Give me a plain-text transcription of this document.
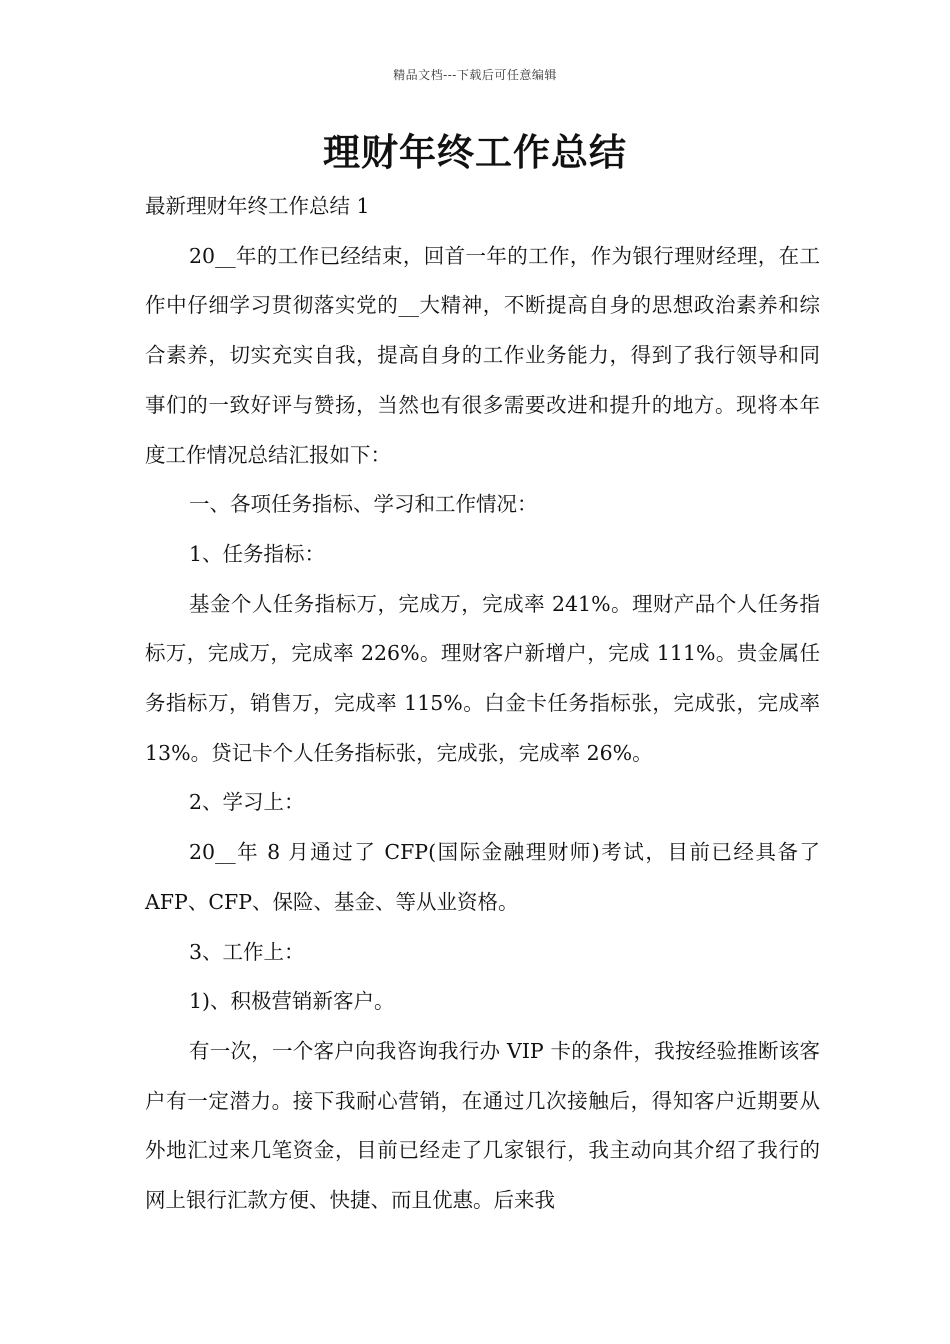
精品文档---下载后可任意编辑
理财年终工作总结

最新理财年终工作总结 1

20__年的工作已经结束，回首一年的工作，作为银行理财经理，在工作中仔细学习贯彻落实党的__大精神，不断提高自身的思想政治素养和综合素养，切实充实自我，提高自身的工作业务能力，得到了我行领导和同事们的一致好评与赞扬，当然也有很多需要改进和提升的地方。现将本年度工作情况总结汇报如下：

一、各项任务指标、学习和工作情况：

1、任务指标：

基金个人任务指标万，完成万，完成率 241%。理财产品个人任务指标万，完成万，完成率 226%。理财客户新增户，完成 111%。贵金属任务指标万，销售万，完成率 115%。白金卡任务指标张，完成张，完成率 13%。贷记卡个人任务指标张，完成张，完成率 26%。

2、学习上：

20__年 8 月通过了 CFP(国际金融理财师)考试，目前已经具备了 AFP、CFP、保险、基金、等从业资格。

3、工作上：

1)、积极营销新客户。

有一次，一个客户向我咨询我行办 VIP 卡的条件，我按经验推断该客户有一定潜力。接下我耐心营销，在通过几次接触后，得知客户近期要从外地汇过来几笔资金，目前已经走了几家银行，我主动向其介绍了我行的网上银行汇款方便、快捷、而且优惠。后来我
